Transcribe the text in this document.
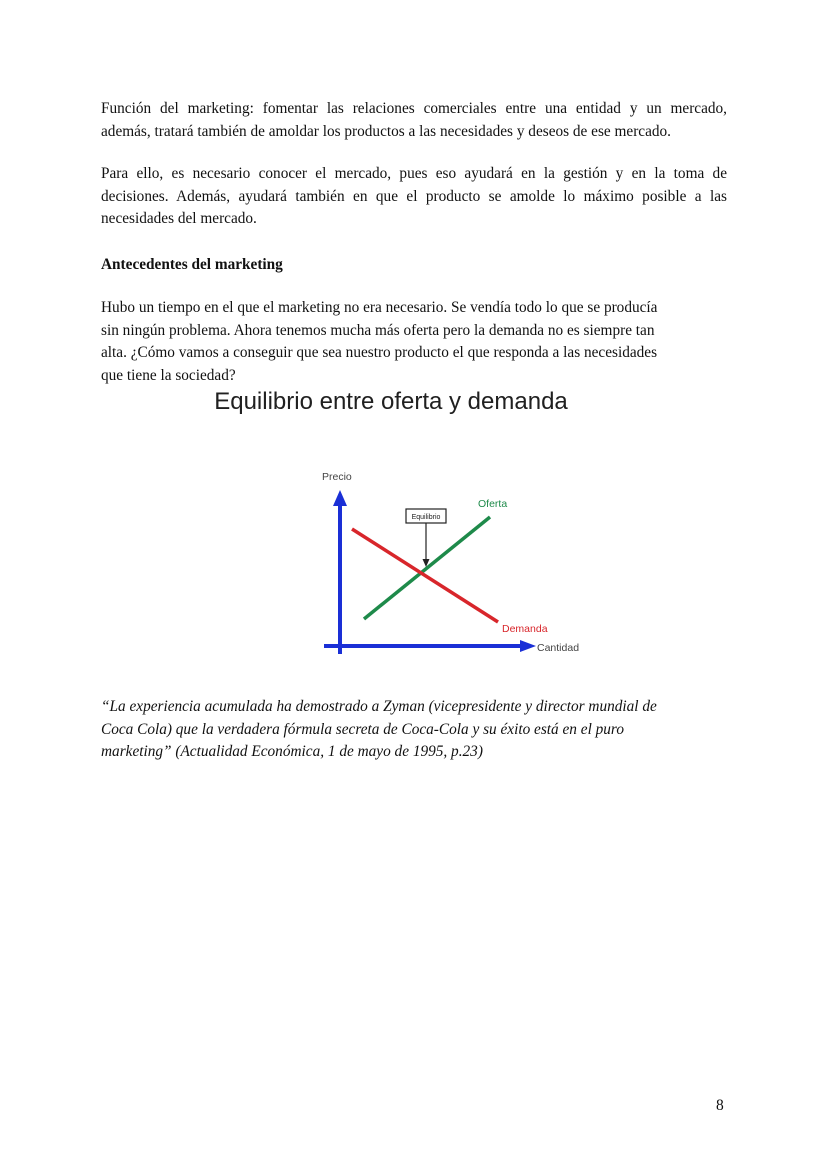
Función del marketing: fomentar las relaciones comerciales entre una entidad y un mercado,
además, tratará también de amoldar los productos a las necesidades y deseos de ese mercado.
Para ello, es necesario conocer el mercado, pues eso ayudará en la gestión y en la toma de
decisiones. Además, ayudará también en que el producto se amolde lo máximo posible a las
necesidades del mercado.
Antecedentes del marketing
Hubo un tiempo en el que el marketing no era necesario. Se vendía todo lo que se producía
sin ningún problema. Ahora tenemos mucha más oferta pero la demanda no es siempre tan
alta. ¿Cómo vamos a conseguir que sea nuestro producto el que responda a las necesidades
que tiene la sociedad?
Equilibrio entre oferta y demanda
Precio
Oferta
Demanda
Equilibrio
Cantidad
“La experiencia acumulada ha demostrado a Zyman (vicepresidente y director mundial de
Coca Cola) que la verdadera fórmula secreta de Coca-Cola y su éxito está en el puro
marketing” (Actualidad Económica, 1 de mayo de 1995, p.23)
8
